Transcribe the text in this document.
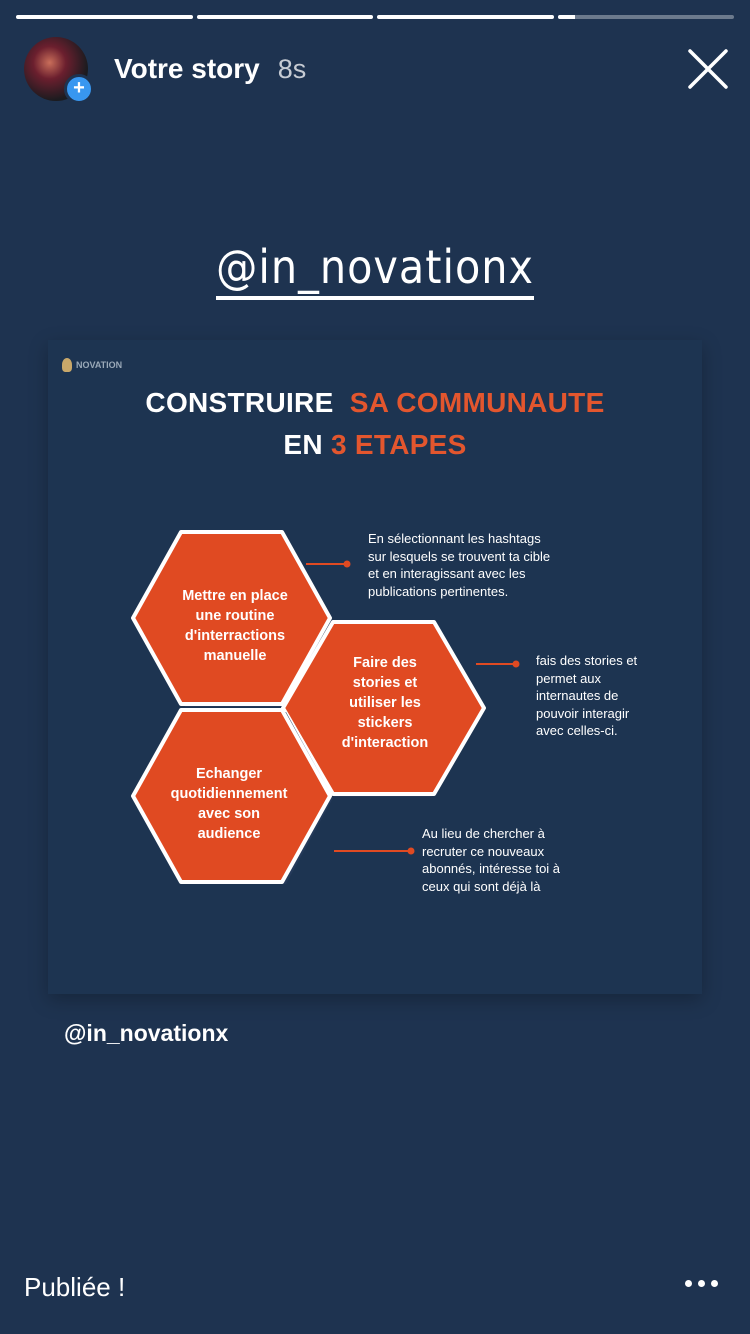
+
Votre story 8s
@in_novationx
NOVATION
CONSTRUIRE SA COMMUNAUTE
EN 3 ETAPES
Mettre en place
une routine
d'interractions
manuelle	Faire des
stories et
utiliser les
stickers
d'interaction
Echanger
quotidiennement
avec son
audience
En sélectionnant les hashtags
sur lesquels se trouvent ta cible
et en interagissant avec les
publications pertinentes.
fais des stories et
permet aux
internautes de
pouvoir interagir
avec celles-ci.
Au lieu de chercher à
recruter ce nouveaux
abonnés, intéresse toi à
ceux qui sont déjà là
@in_novationx
Publiée !
